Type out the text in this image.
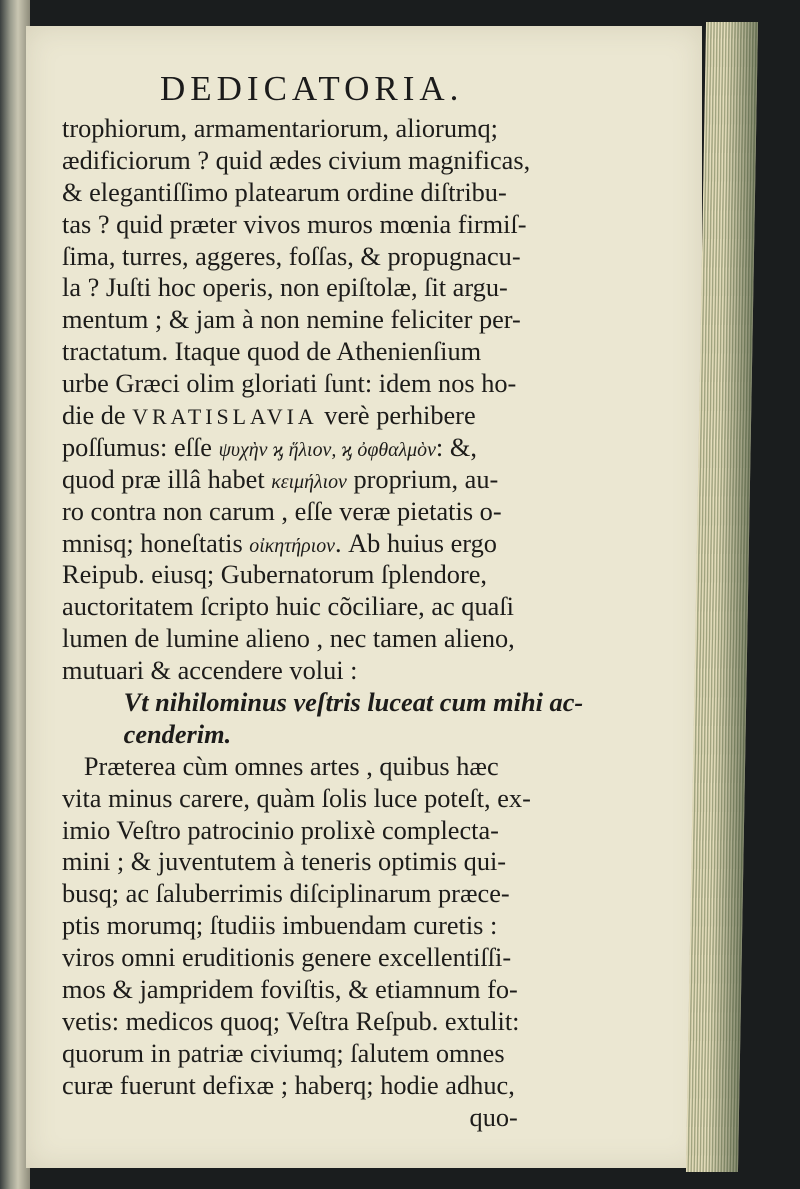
DEDICATORIA.
trophiorum, armamentariorum, aliorumq;
ædificiorum ? quid ædes civium magnificas,
& elegantiſſimo platearum ordine diſtribu-
tas ? quid præter vivos muros mœnia firmiſ-
ſima, turres, aggeres, foſſas, & propugnacu-
la ? Juſti hoc operis, non epiſtolæ, ſit argu-
mentum ; & jam à non nemine feliciter per-
tractatum. Itaque quod de Athenienſium
urbe Græci olim gloriati ſunt: idem nos ho-
die de VRATISLAVIA verè perhibere
poſſumus: eſſe ψυχὴν ϗ ἥλιον, ϗ ὀφθαλμὸν: &,
quod præ illâ habet κειμήλιον proprium, au-
ro contra non carum , eſſe veræ pietatis o-
mnisq; honeſtatis οἰκητήριον. Ab huius ergo
Reipub. eiusq; Gubernatorum ſplendore,
auctoritatem ſcripto huic cõciliare, ac quaſi
lumen de lumine alieno , nec tamen alieno,
mutuari & accendere volui :
Vt nihilominus veſtris luceat cum mihi ac-
cenderim.
Præterea cùm omnes artes , quibus hæc
vita minus carere, quàm ſolis luce poteſt, ex-
imio Veſtro patrocinio prolixè complecta-
mini ; & juventutem à teneris optimis qui-
busq; ac ſaluberrimis diſciplinarum præce-
ptis morumq; ſtudiis imbuendam curetis :
viros omni eruditionis genere excellentiſſi-
mos & jampridem foviſtis, & etiamnum fo-
vetis: medicos quoq; Veſtra Reſpub. extulit:
quorum in patriæ civiumq; ſalutem omnes
curæ fuerunt defixæ ; haberq; hodie adhuc,
quo-
